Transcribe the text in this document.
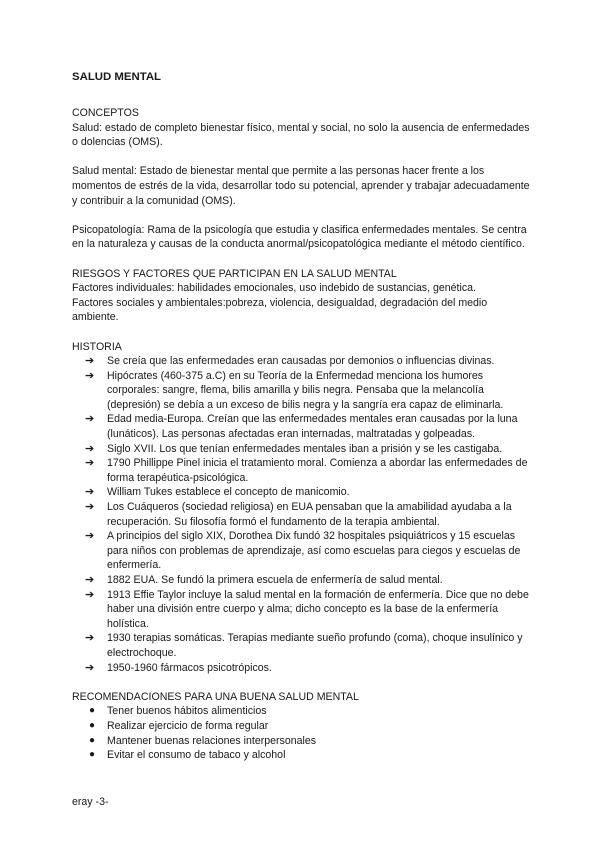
SALUD MENTAL
CONCEPTOS

Salud: estado de completo bienestar físico, mental y social, no solo la ausencia de enfermedades o dolencias (OMS).

Salud mental: Estado de bienestar mental que permite a las personas hacer frente a los momentos de estrés de la vida, desarrollar todo su potencial, aprender y trabajar adecuadamente y contribuir a la comunidad (OMS).

Psicopatología: Rama de la psicología que estudia y clasifica enfermedades mentales. Se centra en la naturaleza y causas de la conducta anormal/psicopatológica mediante el método científico.

RIESGOS Y FACTORES QUE PARTICIPAN EN LA SALUD MENTAL

Factores individuales: habilidades emocionales, uso indebido de sustancias, genética.

Factores sociales y ambientales:pobreza, violencia, desigualdad, degradación del medio ambiente.

HISTORIA
➔ Se creía que las enfermedades eran causadas por demonios o influencias divinas.
➔ Hipócrates (460-375 a.C) en su Teoría de la Enfermedad menciona los humores corporales: sangre, flema, bilis amarilla y bilis negra. Pensaba que la melancolía (depresión) se debía a un exceso de bilis negra y la sangría era capaz de eliminarla.
➔ Edad media-Europa. Creían que las enfermedades mentales eran causadas por la luna (lunáticos). Las personas afectadas eran internadas, maltratadas y golpeadas.
➔ Siglo XVII. Los que tenían enfermedades mentales iban a prisión y se les castigaba.
➔ 1790 Phillippe Pinel inicia el tratamiento moral. Comienza a abordar las enfermedades de forma terapéutica-psicológica.
➔ William Tukes establece el concepto de manicomio.
➔ Los Cuáqueros (sociedad religiosa) en EUA pensaban que la amabilidad ayudaba a la recuperación. Su filosofía formó el fundamento de la terapia ambiental.
➔ A principios del siglo XIX, Dorothea Dix fundó 32 hospitales psiquiátricos y 15 escuelas para niños con problemas de aprendizaje, así como escuelas para ciegos y escuelas de enfermería.
➔ 1882 EUA. Se fundó la primera escuela de enfermería de salud mental.
➔ 1913 Effie Taylor incluye la salud mental en la formación de enfermería. Dice que no debe haber una división entre cuerpo y alma; dicho concepto es la base de la enfermería holística.
➔ 1930 terapias somáticas. Terapias mediante sueño profundo (coma), choque insulínico y electrochoque.
➔ 1950-1960 fármacos psicotrópicos.
RECOMENDACIONES PARA UNA BUENA SALUD MENTAL
● Tener buenos hábitos alimenticios
● Realizar ejercicio de forma regular
● Mantener buenas relaciones interpersonales
● Evitar el consumo de tabaco y alcohol
eray -3-
